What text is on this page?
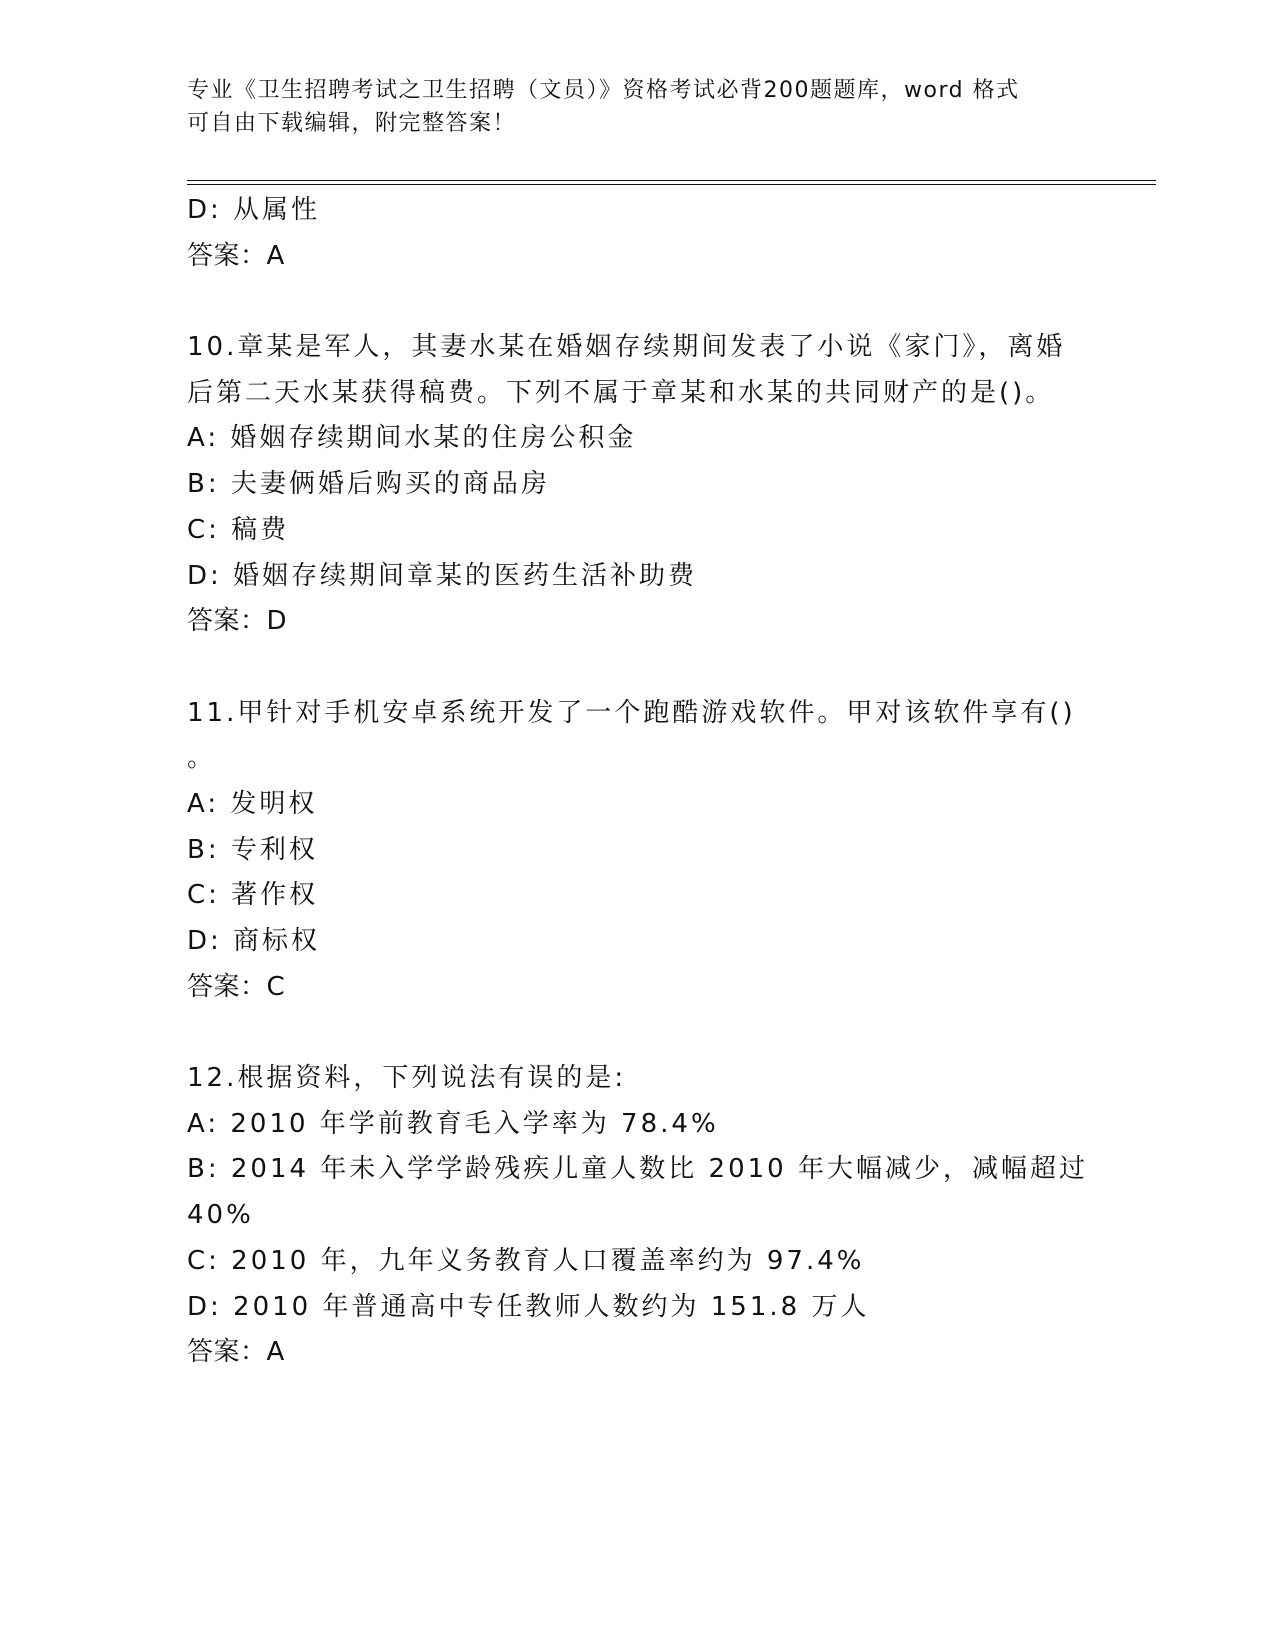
专业《卫生招聘考试之卫生招聘（文员）》资格考试必背200题题库，word 格式
可自由下载编辑，附完整答案！
D: 从属性
答案：A
10.章某是军人，其妻水某在婚姻存续期间发表了小说《家门》，离婚
后第二天水某获得稿费。下列不属于章某和水某的共同财产的是()。
A: 婚姻存续期间水某的住房公积金
B: 夫妻俩婚后购买的商品房
C: 稿费
D: 婚姻存续期间章某的医药生活补助费
答案：D
11.甲针对手机安卓系统开发了一个跑酷游戏软件。甲对该软件享有()
。
A: 发明权
B: 专利权
C: 著作权
D: 商标权
答案：C
12.根据资料，下列说法有误的是:
A: 2010 年学前教育毛入学率为 78.4%
B: 2014 年未入学学龄残疾儿童人数比 2010 年大幅减少，减幅超过
40%
C: 2010 年，九年义务教育人口覆盖率约为 97.4%
D: 2010 年普通高中专任教师人数约为 151.8 万人
答案：A
